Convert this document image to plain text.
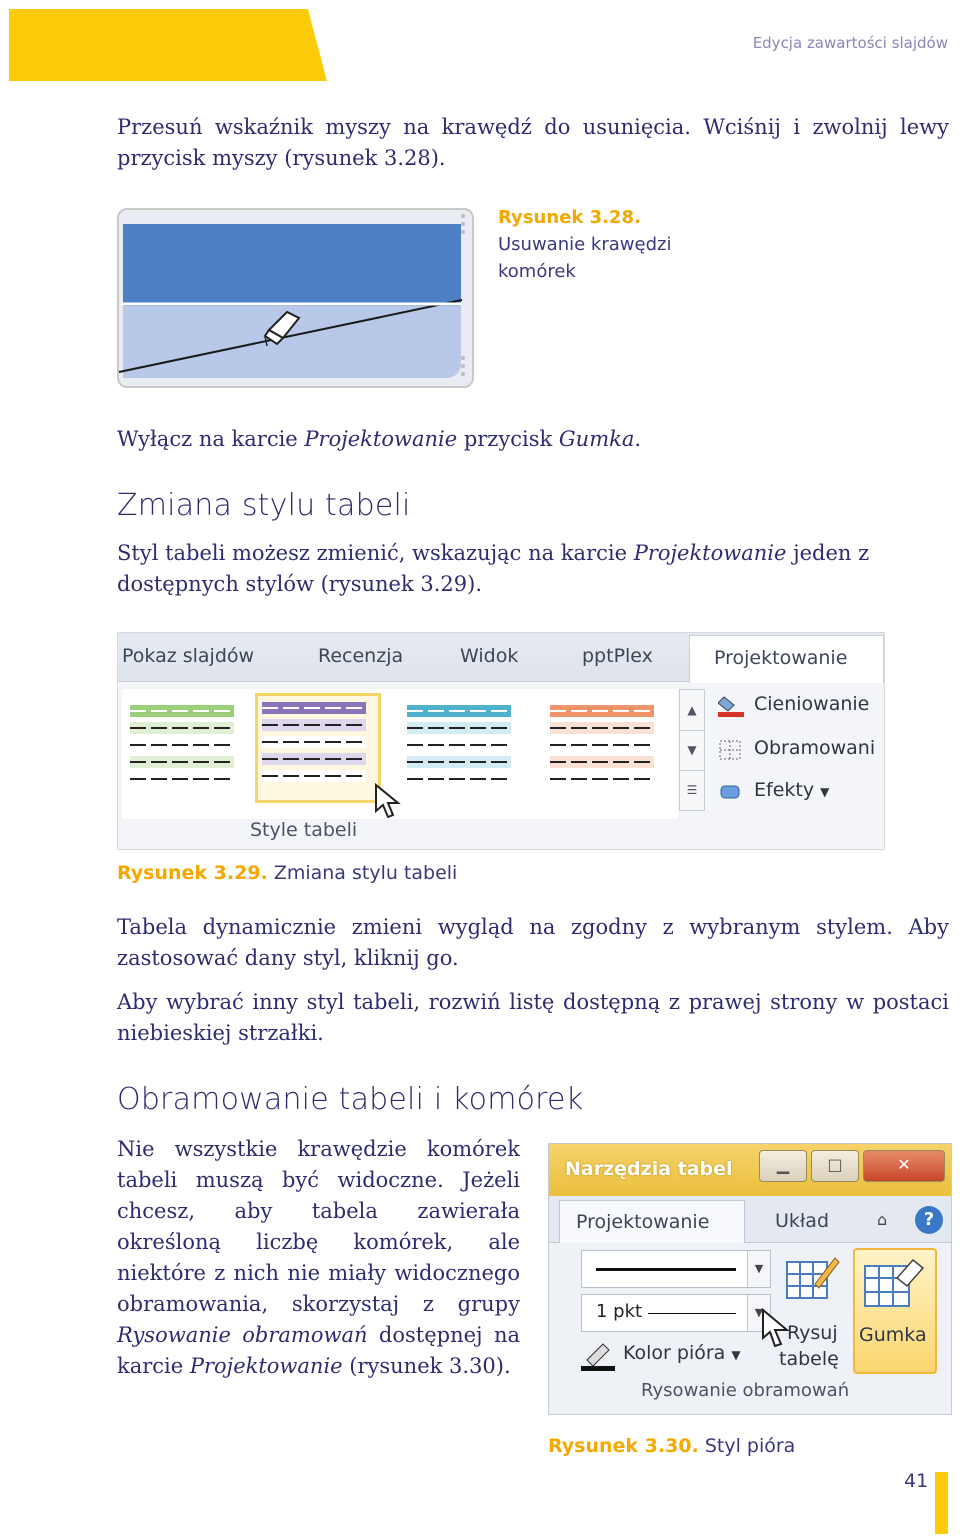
Edycja zawartości slajdów

Przesuń wskaźnik myszy na krawędź do usunięcia. Wciśnij i zwolnij lewy przycisk myszy (rysunek 3.28).

Rysunek 3.28.
Usuwanie krawędzi
komórek

Wyłącz na karcie Projektowanie przycisk Gumka.

Zmiana stylu tabeli

Styl tabeli możesz zmienić, wskazując na karcie Projektowanie jeden z dostępnych stylów (rysunek 3.29).

Pokaz slajdów	Recenzja	Widok	pptPlex	Projektowanie
▲
▼
☰
Style tabeli
Cieniowanie
Obramowani
Efekty ▼
Rysunek 3.29. Zmiana stylu tabeli

Tabela dynamicznie zmieni wygląd na zgodny z wybranym stylem. Aby zastosować dany styl, kliknij go.

Aby wybrać inny styl tabeli, rozwiń listę dostępną z prawej strony w postaci niebieskiej strzałki.

Obramowanie tabeli i komórek

Nie wszystkie krawędzie komórek tabeli muszą być widoczne. Jeżeli chcesz, aby tabela zawierała określoną liczbę komórek, ale niektóre z nich nie miały widocznego obramowania, skorzystaj z grupy Rysowanie obramowań dostępnej na karcie Projektowanie (rysunek 3.30).

Narzędzia tabel	▁	□	✕
Projektowanie	Układ	⌂	?
▼
1 pkt	▼
Kolor pióra ▼
Rysuj
tabelę
Gumka
Rysowanie obramowań
Rysunek 3.30. Styl pióra
41
